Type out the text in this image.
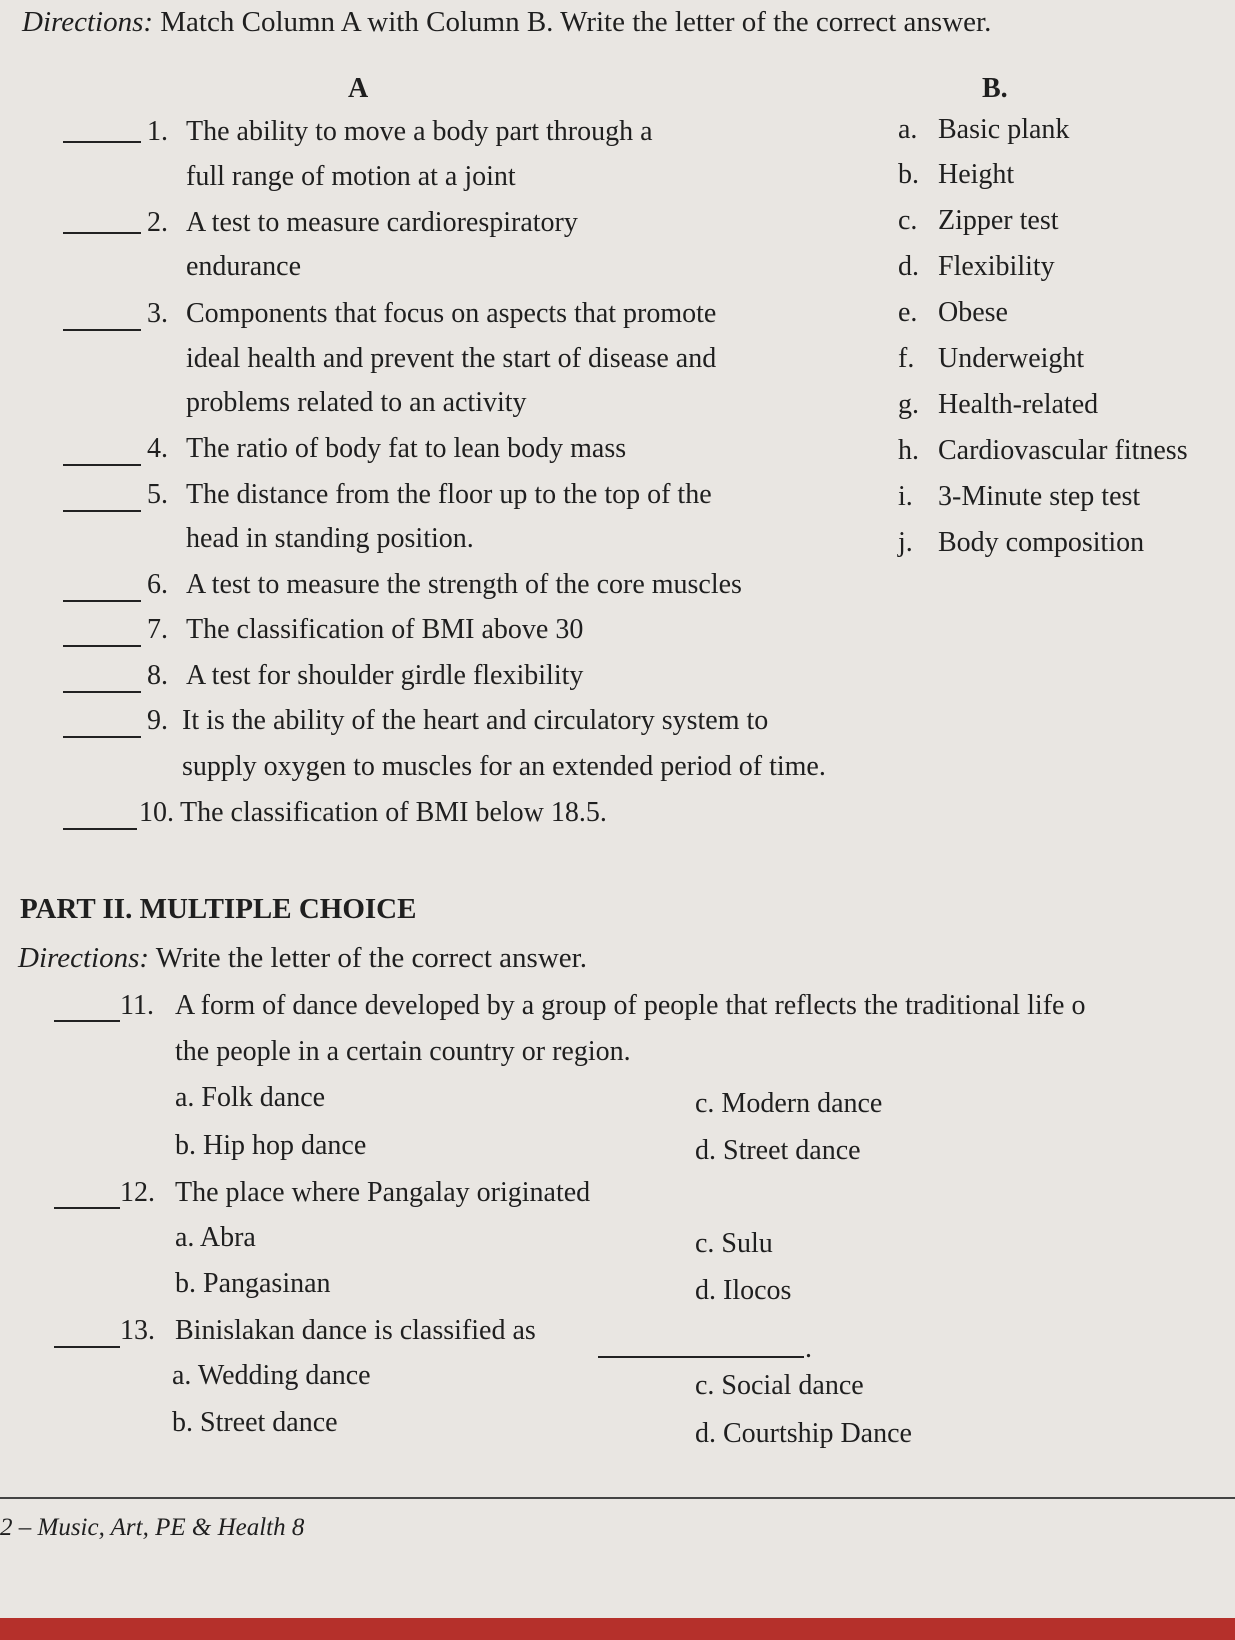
Directions: Match Column A with Column B. Write the letter of the correct answer.
A	B.
1. The ability to move a body part through a
full range of motion at a joint
2. A test to measure cardiorespiratory
endurance
3. Components that focus on aspects that promote
ideal health and prevent the start of disease and
problems related to an activity
4. The ratio of body fat to lean body mass
5. The distance from the floor up to the top of the
head in standing position.
6. A test to measure the strength of the core muscles
7. The classification of BMI above 30
8. A test for shoulder girdle flexibility
9. It is the ability of the heart and circulatory system to
supply oxygen to muscles for an extended period of time.
10. The classification of BMI below 18.5.
a. Basic plank
b. Height
c. Zipper test
d. Flexibility
e. Obese
f. Underweight
g. Health-related
h. Cardiovascular fitness
i. 3-Minute step test
j. Body composition
PART II. MULTIPLE CHOICE
Directions: Write the letter of the correct answer.
11. A form of dance developed by a group of people that reflects the traditional life o
the people in a certain country or region.
a. Folk dance
b. Hip hop dance
c. Modern dance
d. Street dance
12. The place where Pangalay originated
a. Abra
b. Pangasinan
c. Sulu
d. Ilocos
13. Binislakan dance is classified as
.
a. Wedding dance
b. Street dance
c. Social dance
d. Courtship Dance
2 – Music, Art, PE & Health 8
